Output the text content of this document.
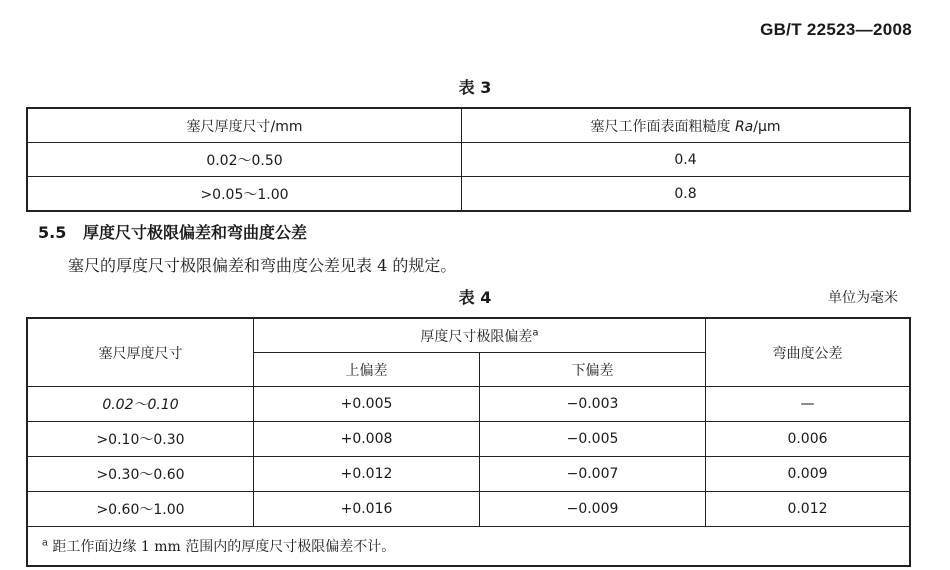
GB/T 22523—2008
表 3
塞尺厚度尺寸/mm	塞尺工作面表面粗糙度 Ra/μm
0.02～0.50	0.4
>0.05～1.00	0.8
5.5 厚度尺寸极限偏差和弯曲度公差
塞尺的厚度尺寸极限偏差和弯曲度公差见表 4 的规定。
表 4	单位为毫米
塞尺厚度尺寸	厚度尺寸极限偏差$^a$		弯曲度公差
	上偏差	下偏差	
0.02～0.10	+0.005	−0.003	—
>0.10～0.30	+0.008	−0.005	0.006
>0.30～0.60	+0.012	−0.007	0.009
>0.60～1.00	+0.016	−0.009	0.012
$^a$ 距工作面边缘 1 mm 范围内的厚度尺寸极限偏差不计。			
